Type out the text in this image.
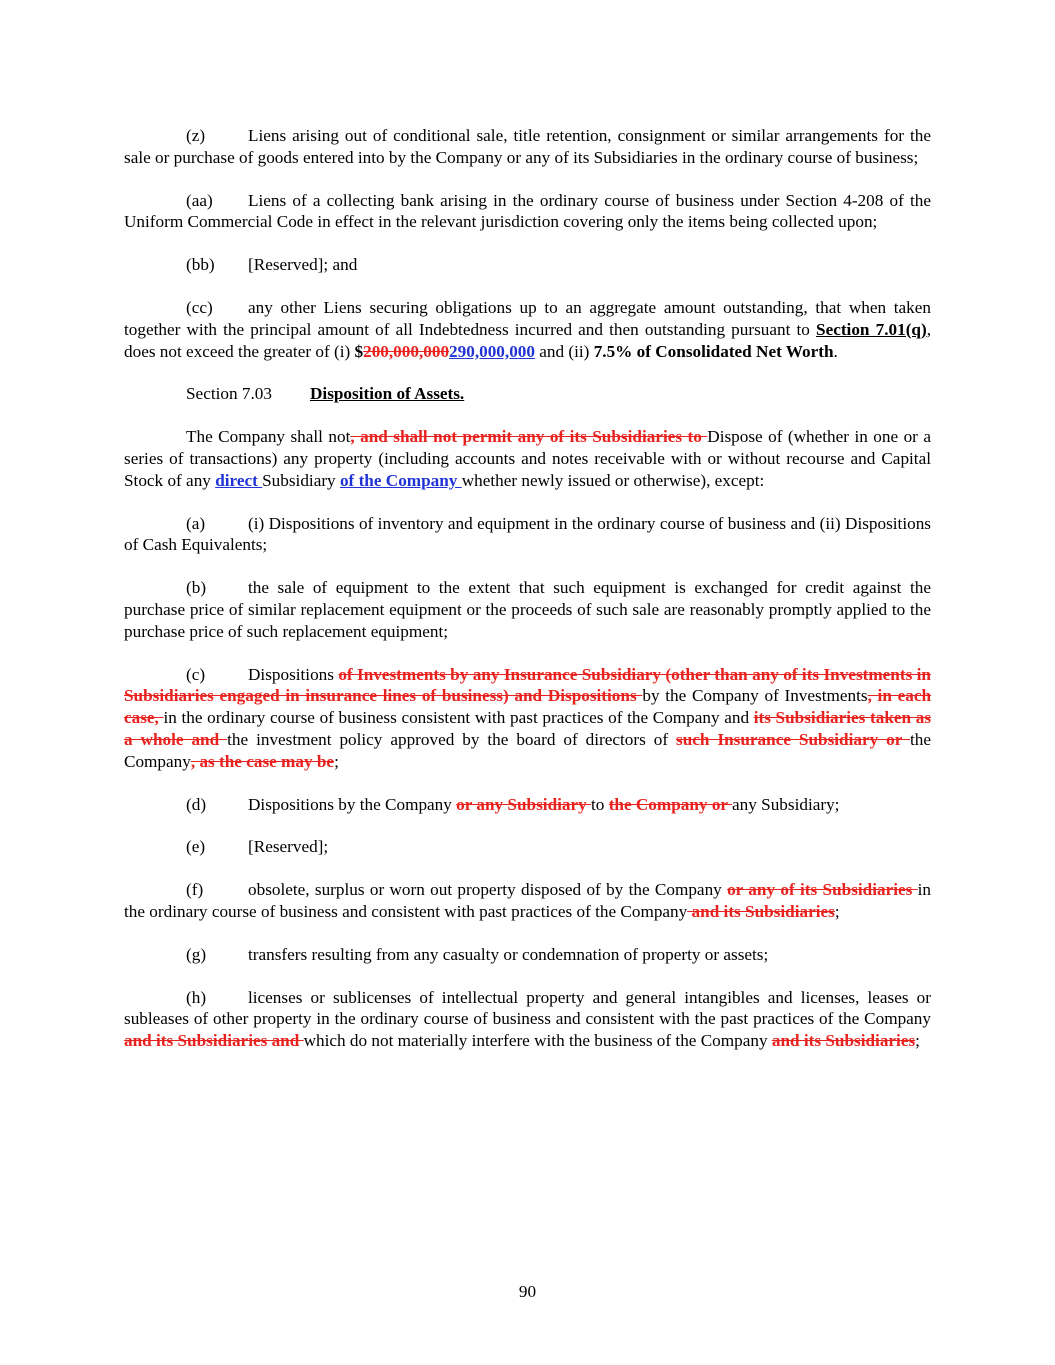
(z) Liens arising out of conditional sale, title retention, consignment or similar arrangements for the sale or purchase of goods entered into by the Company or any of its Subsidiaries in the ordinary course of business;

(aa) Liens of a collecting bank arising in the ordinary course of business under Section 4-208 of the Uniform Commercial Code in effect in the relevant jurisdiction covering only the items being collected upon;

(bb) [Reserved]; and

(cc) any other Liens securing obligations up to an aggregate amount outstanding, that when taken together with the principal amount of all Indebtedness incurred and then outstanding pursuant to Section 7.01(q), does not exceed the greater of (i) $200,000,000290,000,000 and (ii) 7.5% of Consolidated Net Worth.

Section 7.03 Disposition of Assets.

The Company shall not, and shall not permit any of its Subsidiaries to Dispose of (whether in one or a series of transactions) any property (including accounts and notes receivable with or without recourse and Capital Stock of any direct Subsidiary of the Company whether newly issued or otherwise), except:

(a) (i) Dispositions of inventory and equipment in the ordinary course of business and (ii) Dispositions of Cash Equivalents;

(b) the sale of equipment to the extent that such equipment is exchanged for credit against the purchase price of similar replacement equipment or the proceeds of such sale are reasonably promptly applied to the purchase price of such replacement equipment;

(c) Dispositions of Investments by any Insurance Subsidiary (other than any of its Investments in Subsidiaries engaged in insurance lines of business) and Dispositions by the Company of Investments, in each case, in the ordinary course of business consistent with past practices of the Company and its Subsidiaries taken as a whole and the investment policy approved by the board of directors of such Insurance Subsidiary or the Company, as the case may be;

(d) Dispositions by the Company or any Subsidiary to the Company or any Subsidiary;

(e) [Reserved];

(f)	obsolete, surplus or worn out property disposed of by the Company or any of its Subsidiaries in the ordinary course of business and consistent with past practices of the Company and its Subsidiaries;

(g) transfers resulting from any casualty or condemnation of property or assets;

(h) licenses or sublicenses of intellectual property and general intangibles and licenses, leases or subleases of other property in the ordinary course of business and consistent with the past practices of the Company and its Subsidiaries and which do not materially interfere with the business of the Company and its Subsidiaries;

90
